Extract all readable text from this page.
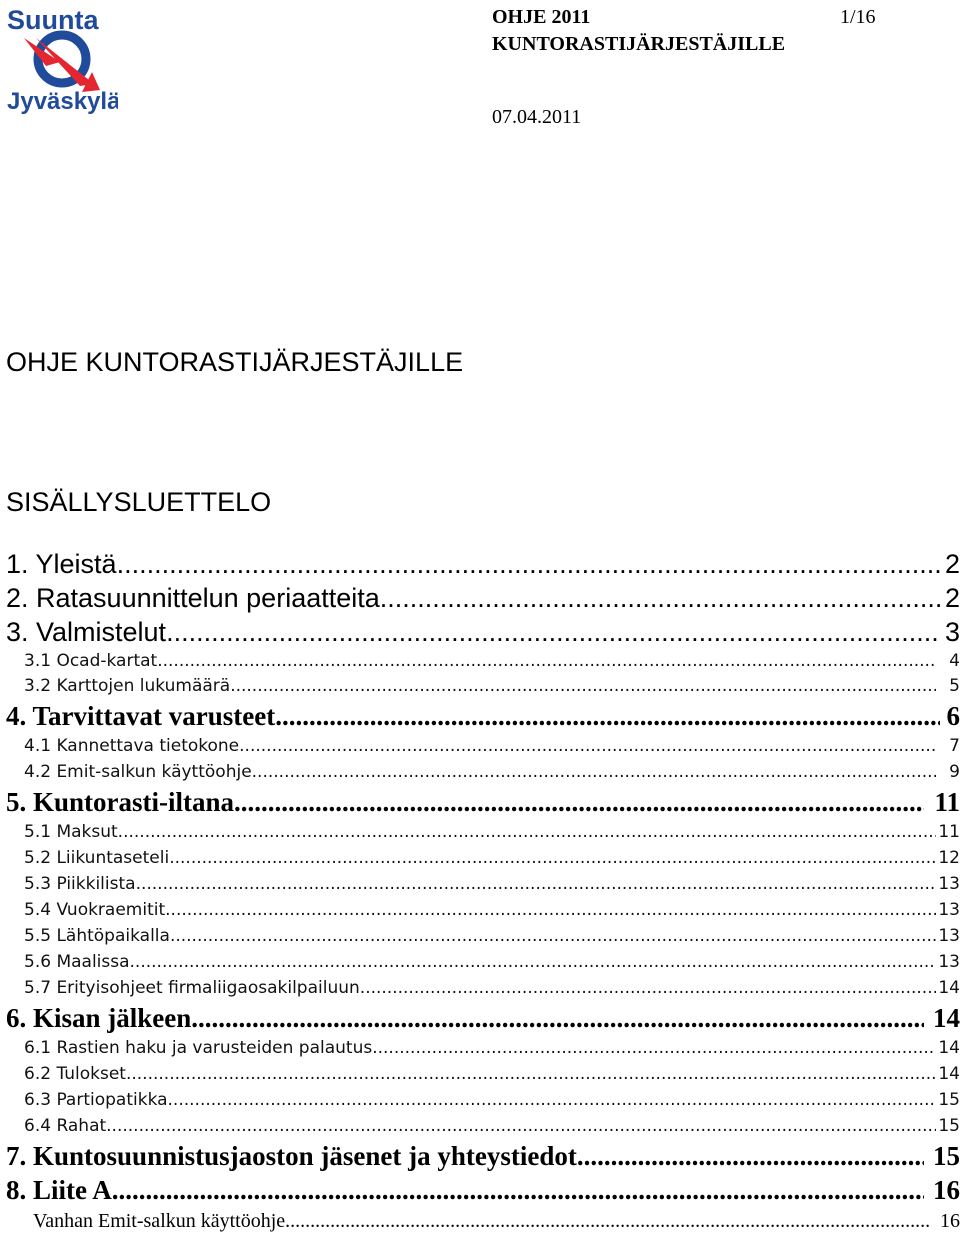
Suunta
Jyväskylä
OHJE 2011
KUNTORASTIJÄRJESTÄJILLE
1/16
07.04.2011
OHJE KUNTORASTIJÄRJESTÄJILLE
SISÄLLYSLUETTELO
1. Yleistä .....	2
2. Ratasuunnittelun periaatteita .....	2
3. Valmistelut .....	3
3.1 Ocad-kartat .....	4
3.2 Karttojen lukumäärä .....	5
4. Tarvittavat varusteet .....	6
4.1 Kannettava tietokone .....	7
4.2 Emit-salkun käyttöohje .....	9
5. Kuntorasti-iltana .....	11
5.1 Maksut .....	11
5.2 Liikuntaseteli .....	12
5.3 Piikkilista .....	13
5.4 Vuokraemitit .....	13
5.5 Lähtöpaikalla .....	13
5.6 Maalissa .....	13
5.7 Erityisohjeet firmaliigaosakilpailuun .....	14
6. Kisan jälkeen .....	14
6.1 Rastien haku ja varusteiden palautus .....	14
6.2 Tulokset .....	14
6.3 Partiopatikka .....	15
6.4 Rahat .....	15
7. Kuntosuunnistusjaoston jäsenet ja yhteystiedot .....	15
8. Liite A .....	16
Vanhan Emit-salkun käyttöohje .....	16
